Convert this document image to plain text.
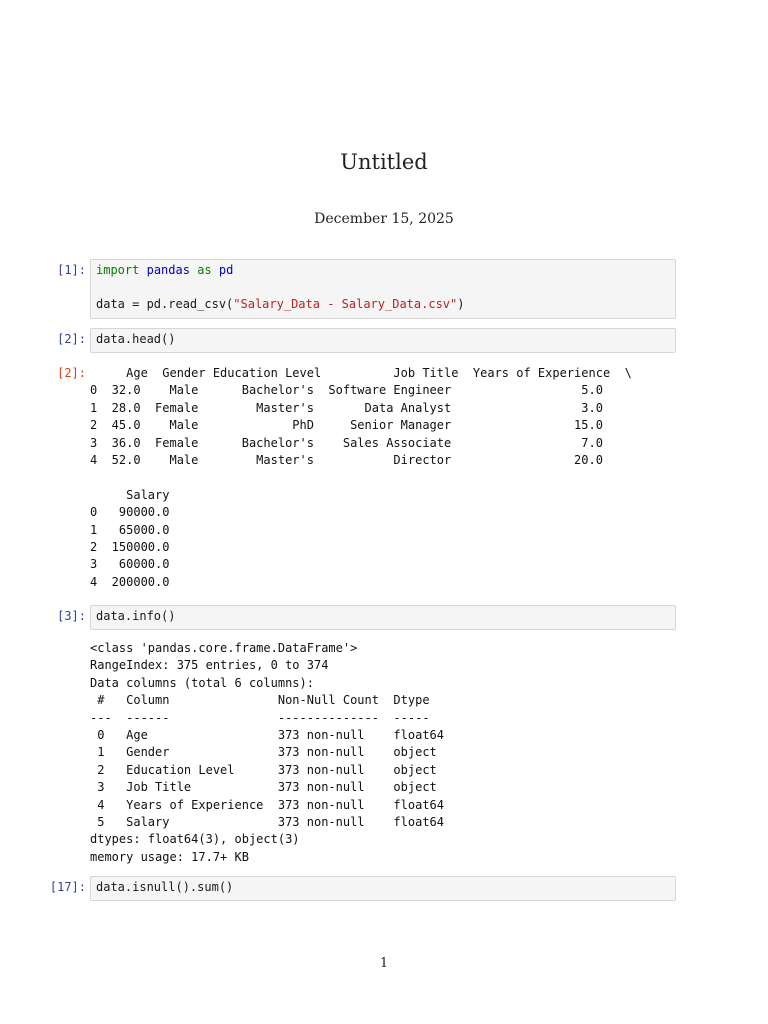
Untitled
December 15, 2025
[1]: import pandas as pd
data = pd.read_csv("Salary_Data - Salary_Data.csv")
[2]: data.head()
[2]:	Age  Gender Education Level          Job Title  Years of Experience  \
0  32.0    Male      Bachelor's  Software Engineer                  5.0
1  28.0  Female        Master's       Data Analyst                  3.0
2  45.0    Male             PhD     Senior Manager                 15.0
3  36.0  Female      Bachelor's    Sales Associate                  7.0
4  52.0    Male        Master's           Director                 20.0

Salary
0   90000.0
1   65000.0
2  150000.0
3   60000.0
4  200000.0
[3]: data.info()
<class 'pandas.core.frame.DataFrame'>
RangeIndex: 375 entries, 0 to 374
Data columns (total 6 columns):
#   Column               Non-Null Count  Dtype
---  ------               --------------  -----
0   Age                  373 non-null    float64
1   Gender               373 non-null    object
2   Education Level      373 non-null    object
3   Job Title            373 non-null    object
4   Years of Experience  373 non-null    float64
5   Salary               373 non-null    float64
dtypes: float64(3), object(3)
memory usage: 17.7+ KB
[17]: data.isnull().sum()
1
